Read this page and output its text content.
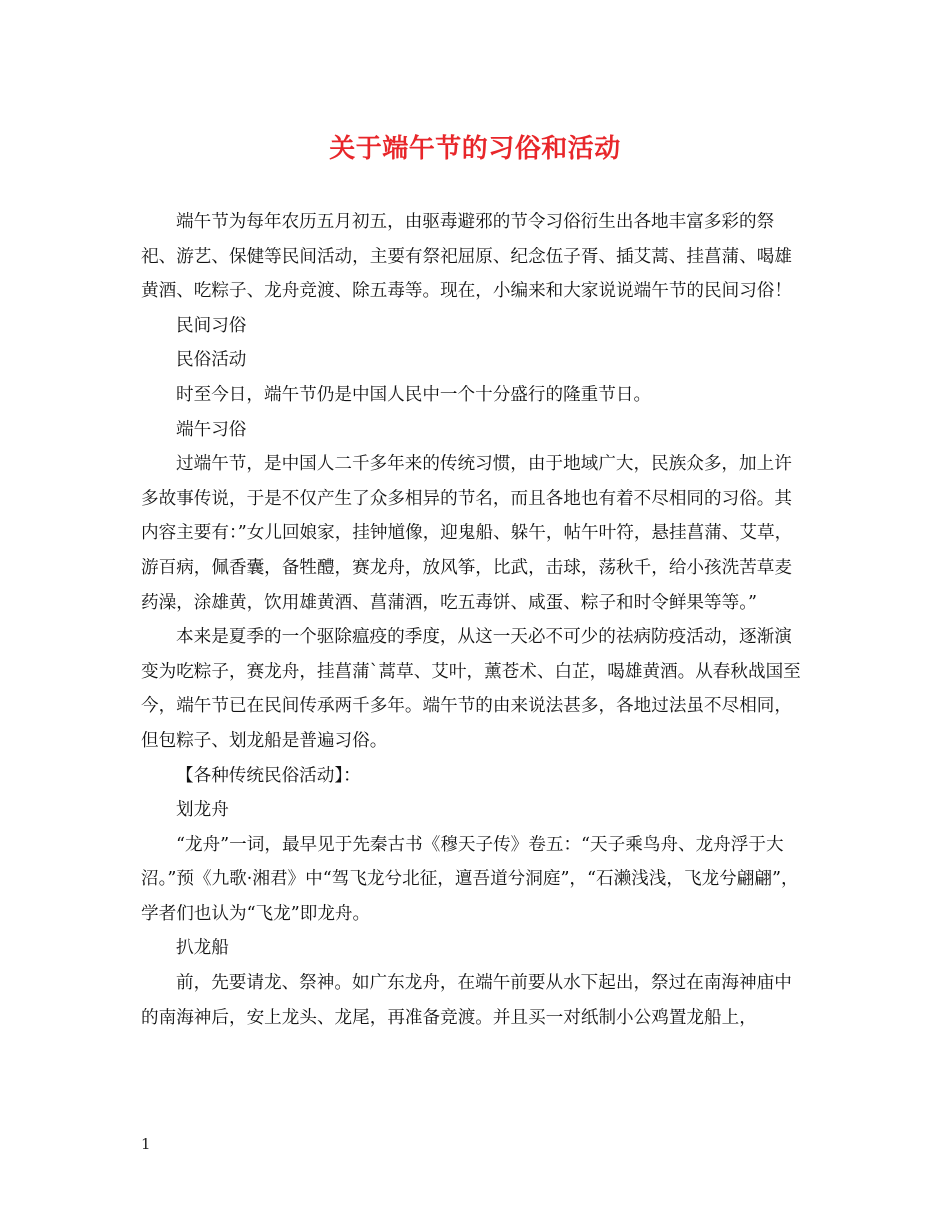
关于端午节的习俗和活动

端午节为每年农历五月初五，由驱毒避邪的节令习俗衍生出各地丰富多彩的祭祀、游艺、保健等民间活动，主要有祭祀屈原、纪念伍子胥、插艾蒿、挂菖蒲、喝雄黄酒、吃粽子、龙舟竞渡、除五毒等。现在，小编来和大家说说端午节的民间习俗！

民间习俗

民俗活动

时至今日，端午节仍是中国人民中一个十分盛行的隆重节日。

端午习俗

过端午节，是中国人二千多年来的传统习惯，由于地域广大，民族众多，加上许多故事传说，于是不仅产生了众多相异的节名，而且各地也有着不尽相同的习俗。其内容主要有：”女儿回娘家，挂钟馗像，迎鬼船、躲午，帖午叶符，悬挂菖蒲、艾草，游百病，佩香囊，备牲醴，赛龙舟，放风筝，比武，击球，荡秋千，给小孩洗苦草麦药澡，涂雄黄，饮用雄黄酒、菖蒲酒，吃五毒饼、咸蛋、粽子和时令鲜果等等。”

本来是夏季的一个驱除瘟疫的季度，从这一天必不可少的祛病防疫活动，逐渐演变为吃粽子，赛龙舟，挂菖蒲`蒿草、艾叶，薰苍术、白芷，喝雄黄酒。从春秋战国至今，端午节已在民间传承两千多年。端午节的由来说法甚多，各地过法虽不尽相同，但包粽子、划龙船是普遍习俗。

【各种传统民俗活动】：

划龙舟

“龙舟”一词，最早见于先秦古书《穆天子传》卷五：“天子乘鸟舟、龙舟浮于大沼。”预《九歌·湘君》中“驾飞龙兮北征，邅吾道兮洞庭”，“石濑浅浅，飞龙兮翩翩”，学者们也认为“飞龙”即龙舟。

扒龙船

前，先要请龙、祭神。如广东龙舟，在端午前要从水下起出，祭过在南海神庙中的南海神后，安上龙头、龙尾，再准备竞渡。并且买一对纸制小公鸡置龙船上，

1
